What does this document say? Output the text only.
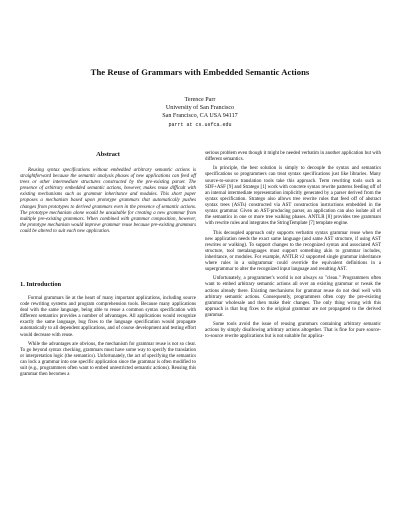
The Reuse of Grammars with Embedded Semantic Actions
Terence Parr
University of San Francisco
San Francisco, CA USA 94117
parrt at cs.usfca.edu
Abstract

Reusing syntax specifications without embedded arbitrary semantic actions is straightforward because the semantic analysis phases of new applications can feed off trees or other intermediate structures constructed by the pre-existing parser. The presence of arbitrary embedded semantic actions, however, makes reuse difficult with existing mechanisms such as grammar inheritance and modules. This short paper proposes a mechanism based upon prototype grammars that automatically pushes changes from prototypes to derived grammars even in the presence of semantic actions. The prototype mechanism alone would be unsuitable for creating a new grammar from multiple pre-existing grammars. When combined with grammar composition, however, the prototype mechanism would improve grammar reuse because pre-existing grammars could be altered to suit each new application.

1. Introduction

Formal grammars lie at the heart of many important applications, including source code rewriting systems and program comprehension tools. Because many applications deal with the same language, being able to reuse a common syntax specification with different semantics provides a number of advantages. All applications would recognize exactly the same language, bug fixes to the language specification would propagate automatically to all dependent applications, and of course development and testing effort would decrease with reuse.

While the advantages are obvious, the mechanism for grammar reuse is not so clear. To go beyond syntax checking, grammars must have some way to specify the translation or interpretation logic (the semantics). Unfortunately, the act of specifying the semantics can lock a grammar into one specific application since the grammar is often modified to suit (e.g., programmers often want to embed unrestricted semantic actions). Reusing this grammar then becomes a

serious problem even though it might be needed verbatim in another application but with different semantics.

In principle, the best solution is simply to decouple the syntax and semantics specifications so programmers can treat syntax specifications just like libraries. Many source-to-source translation tools take this approach. Term rewriting tools such as SDF+ASF [9] and Stratego [1] work with concrete syntax rewrite patterns feeding off of an internal intermediate representation implicitly generated by a parser derived from the syntax specification. Stratego also allows tree rewrite rules that feed off of abstract syntax trees (ASTs) constructed via AST construction instructions embedded in the syntax grammar. Given an AST-producing parser, an application can also isolate all of the semantics in one or more tree walking phases. ANTLR [8] provides tree grammars with rewrite rules and integrates the StringTemplate [7] template engine.

This decoupled approach only supports verbatim syntax grammar reuse when the new application needs the exact same language (and same AST structure, if using AST rewrites or walking). To support changes to the recognized syntax and associated AST structure, tool metalanguages must support something akin to grammar includes, inheritance, or modules. For example, ANTLR v2 supported single grammar inheritance where rules in a subgrammar could override the equivalent definitions in a supergrammar to alter the recognized input language and resulting AST.

Unfortunately, a programmer's world is not always so "clean." Programmers often want to embed arbitrary semantic actions all over an existing grammar or tweak the actions already there. Existing mechanisms for grammar reuse do not deal well with arbitrary semantic actions. Consequently, programmers often copy the pre-existing grammar wholesale and then make their changes. The only thing wrong with this approach is that bug fixes to the original grammar are not propagated to the derived grammar.

Some tools avoid the issue of reusing grammars containing arbitrary semantic actions by simply disallowing arbitrary actions altogether. That is fine for pure source-to-source rewrite applications but is not suitable for applica-
